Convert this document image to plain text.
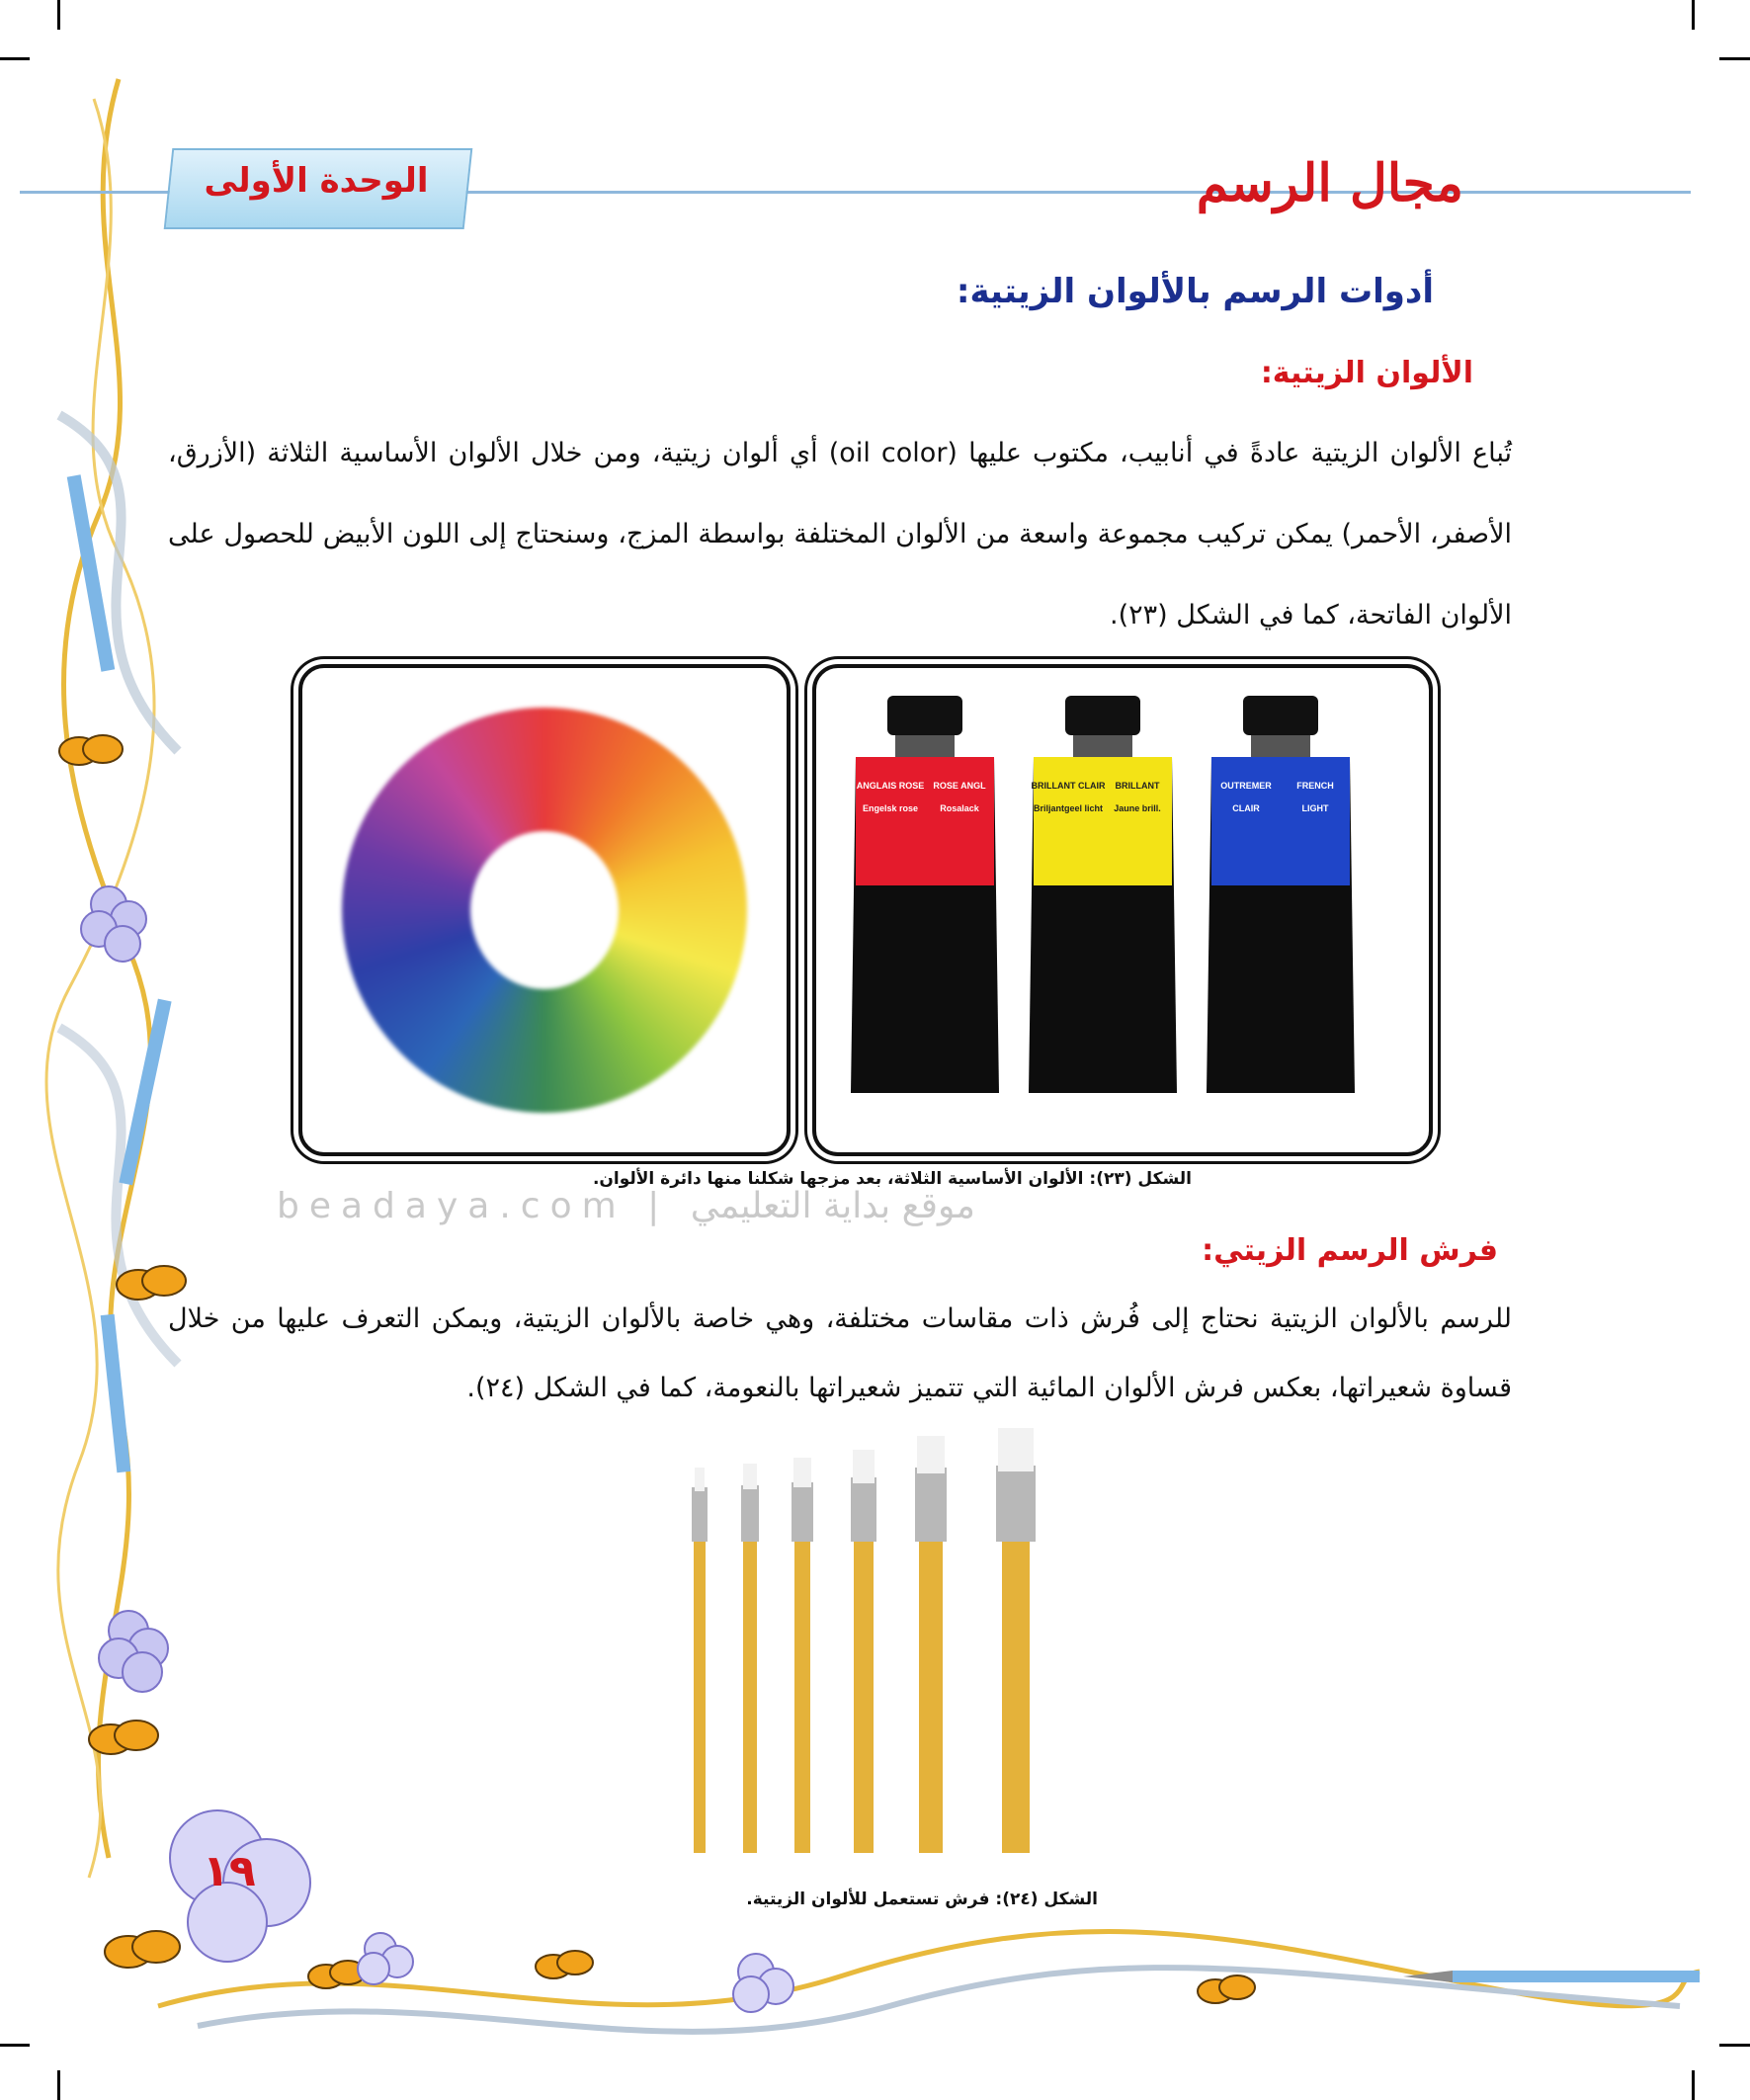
الوحدة الأولى	مجال الرسم
أدوات الرسم بالألوان الزيتية:
الألوان الزيتية:
تُباع الألوان الزيتية عادةً في أنابيب، مكتوب عليها (oil color) أي ألوان زيتية، ومن خلال الألوان الأساسية الثلاثة (الأزرق، الأصفر، الأحمر) يمكن تركيب مجموعة واسعة من الألوان المختلفة بواسطة المزج، وسنحتاج إلى اللون الأبيض للحصول على الألوان الفاتحة، كما في الشكل (٢٣).
FRENCH
OUTREMER
LIGHT
CLAIR
BRILLANT
BRILLANT CLAIR
Jaune brill.
Briljantgeel licht
ROSE ANGL
ANGLAIS ROSE
Rosalack
Engelsk rose
الشكل (٢٣): الألوان الأساسية الثلاثة، بعد مزجها شكلنا منها دائرة الألوان.
beadaya.com | موقع بداية التعليمي
فرش الرسم الزيتي:
للرسم بالألوان الزيتية نحتاج إلى فُرش ذات مقاسات مختلفة، وهي خاصة بالألوان الزيتية، ويمكن التعرف عليها من خلال قساوة شعيراتها، بعكس فرش الألوان المائية التي تتميز شعيراتها بالنعومة، كما في الشكل (٢٤).
الشكل (٢٤): فرش تستعمل للألوان الزيتية.
١٩
